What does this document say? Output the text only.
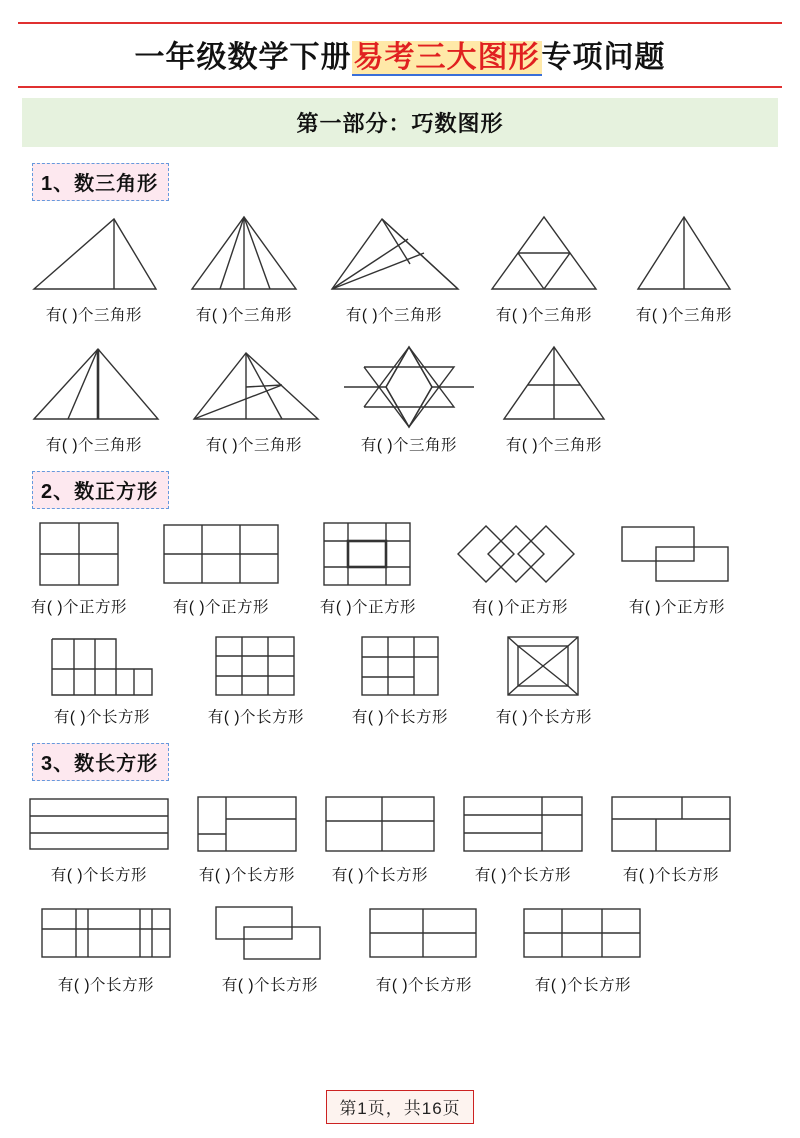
一年级数学下册易考三大图形专项问题
第一部分：巧数图形
1、数三角形
有( )个三角形	有( )个三角形	有( )个三角形	有( )个三角形	有( )个三角形
有( )个三角形	有( )个三角形	有( )个三角形	有( )个三角形
2、数正方形
有( )个正方形	有( )个正方形	有( )个正方形	有( )个正方形	有( )个正方形
有( )个长方形	有( )个长方形	有( )个长方形	有( )个长方形
3、数长方形
有( )个长方形	有( )个长方形 有( )个长方形	有( )个长方形	有( )个长方形
有( )个长方形	有( )个长方形	有( )个长方形	有( )个长方形
第1页，共16页
